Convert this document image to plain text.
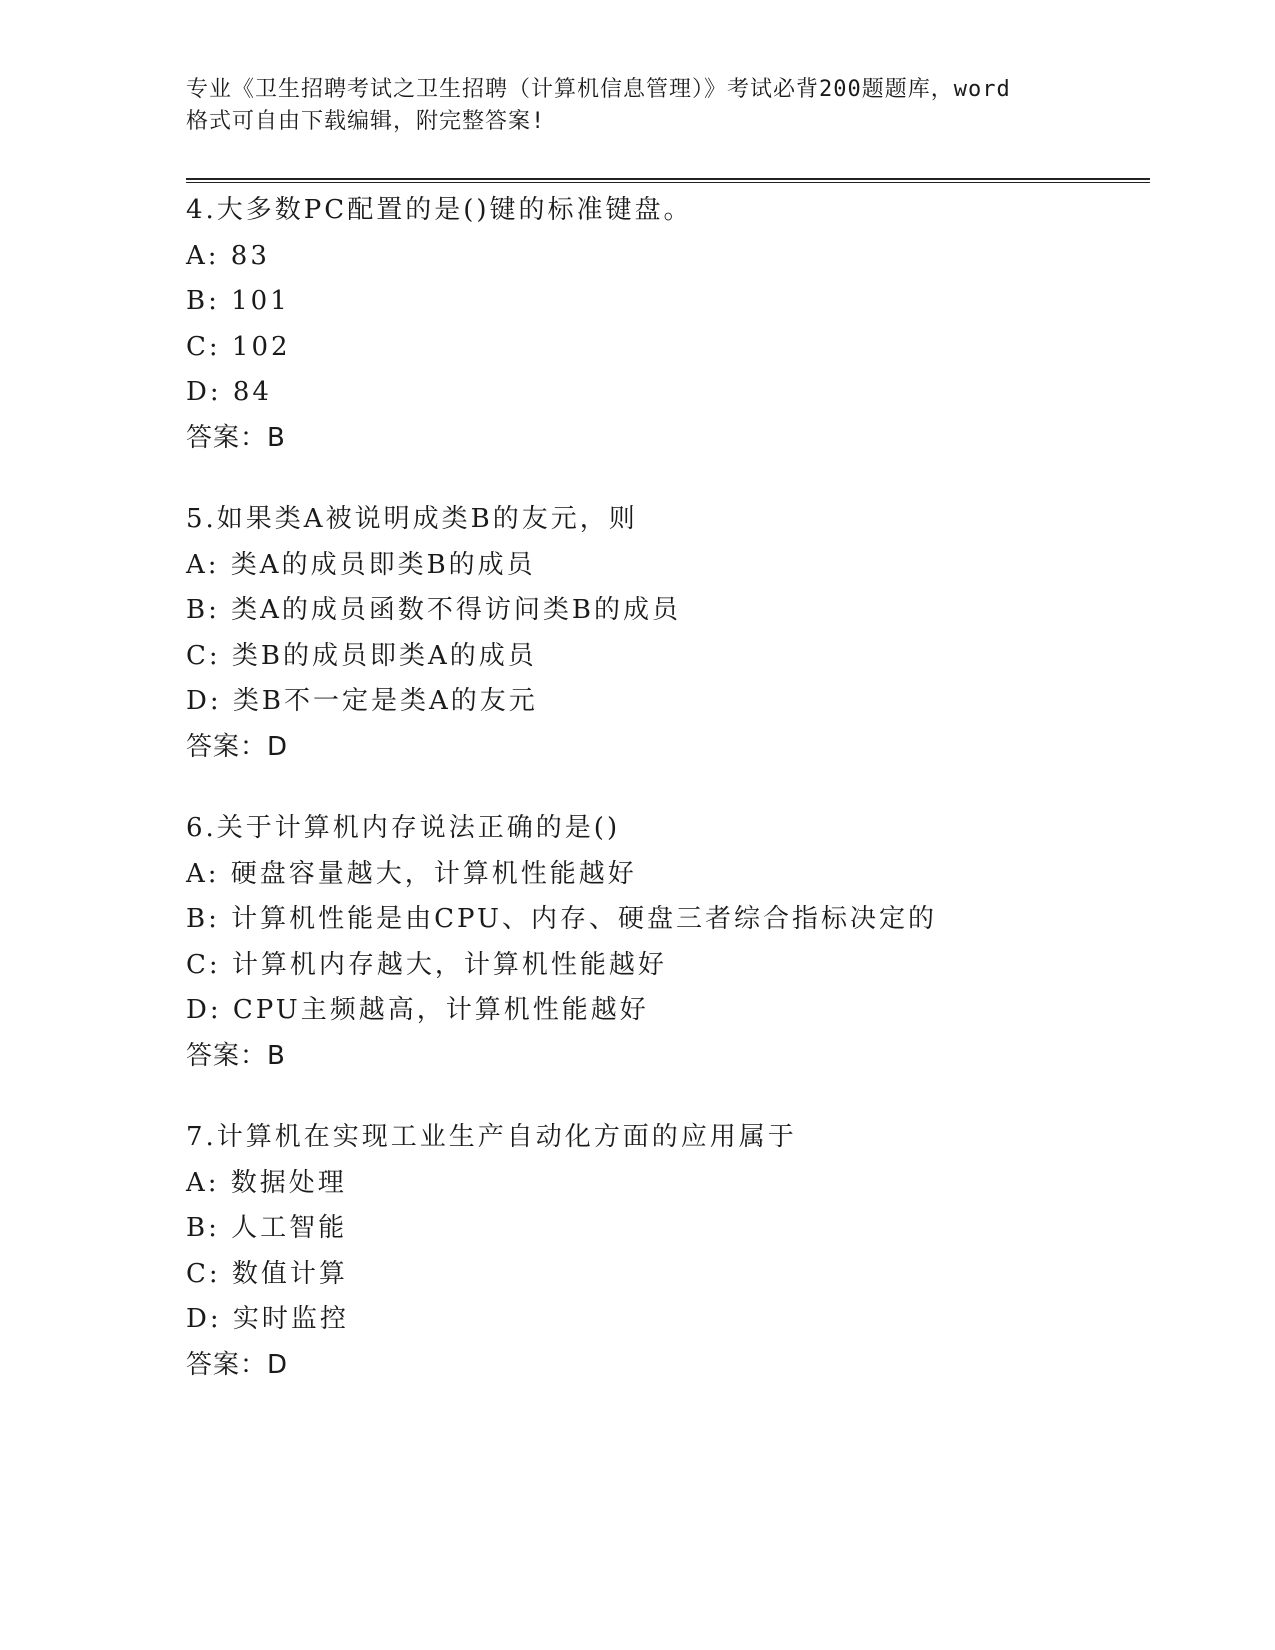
专业《卫生招聘考试之卫生招聘（计算机信息管理）》考试必背200题题库，word
格式可自由下载编辑，附完整答案!
4.大多数PC配置的是()键的标准键盘。
A: 83
B: 101
C: 102
D: 84
答案：B
5.如果类A被说明成类B的友元，则
A: 类A的成员即类B的成员
B: 类A的成员函数不得访问类B的成员
C: 类B的成员即类A的成员
D: 类B不一定是类A的友元
答案：D
6.关于计算机内存说法正确的是()
A: 硬盘容量越大，计算机性能越好
B: 计算机性能是由CPU、内存、硬盘三者综合指标决定的
C: 计算机内存越大，计算机性能越好
D: CPU主频越高，计算机性能越好
答案：B
7.计算机在实现工业生产自动化方面的应用属于
A: 数据处理
B: 人工智能
C: 数值计算
D: 实时监控
答案：D
